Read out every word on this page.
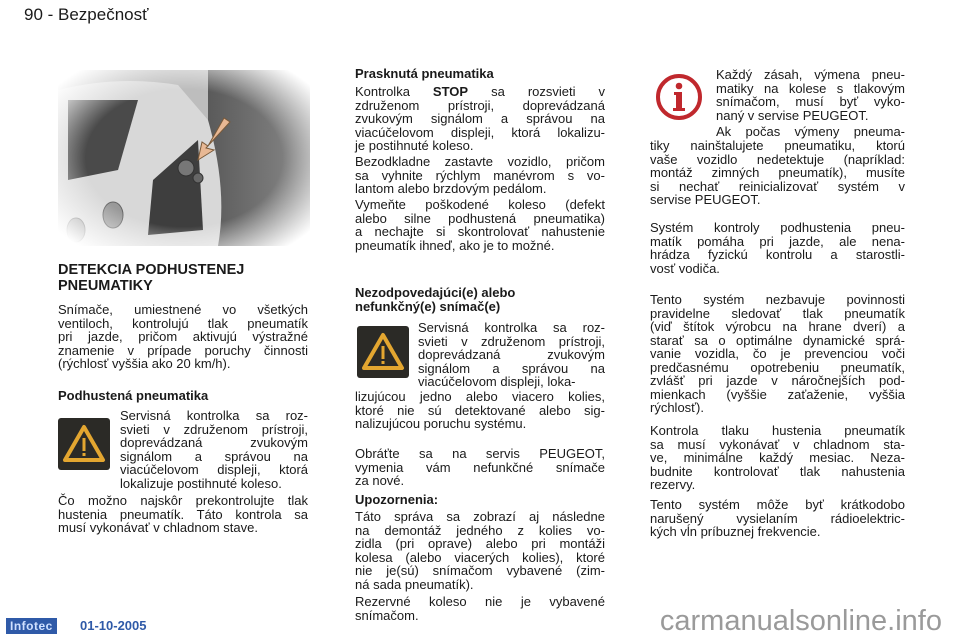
90 - Bezpečnosť
DETEKCIA PODHUSTENEJ
PNEUMATIKY
Snímače, umiestnené vo všetkých
ventiloch, kontrolujú tlak pneumatík
pri jazde, pričom aktivujú výstražné
znamenie v prípade poruchy činnosti
(rýchlosť vyššia ako 20 km/h).
Podhustená pneumatika
Servisná kontrolka sa roz-
svieti v združenom prístroji,
doprevádzaná zvukovým
signálom a správou na
viacúčelovom displeji, ktorá
lokalizuje postihnuté koleso.
Čo možno najskôr prekontrolujte tlak
hustenia pneumatík. Táto kontrola sa
musí vykonávať v chladnom stave.
Prasknutá pneumatika
Kontrolka STOP sa rozsvieti v
združenom prístroji, doprevádzaná
zvukovým signálom a správou na
viacúčelovom displeji, ktorá lokalizu-
je postihnuté koleso.
Bezodkladne zastavte vozidlo, pričom
sa vyhnite rýchlym manévrom s vo-
lantom alebo brzdovým pedálom.
Vymeňte poškodené koleso (defekt
alebo silne podhustená pneumatika)
a nechajte si skontrolovať nahustenie
pneumatík ihneď, ako je to možné.
Nezodpovedajúci(e) alebo
nefunkčný(e) snímač(e)
Servisná kontrolka sa roz-
svieti v združenom prístroji,
doprevádzaná zvukovým
signálom a správou na
viacúčelovom displeji, loka-
lizujúcou jedno alebo viacero kolies,
ktoré nie sú detektované alebo sig-
nalizujúcou poruchu systému.
Obráťte sa na servis PEUGEOT,
vymenia vám nefunkčné snímače
za nové.
Upozornenia:
Táto správa sa zobrazí aj následne
na demontáž jedného z kolies vo-
zidla (pri oprave) alebo pri montáži
kolesa (alebo viacerých kolies), ktoré
nie je(sú) snímačom vybavené (zim-
ná sada pneumatík).
Rezervné koleso nie je vybavené
snímačom.
Každý zásah, výmena pneu-
matiky na kolese s tlakovým
snímačom, musí byť vyko-
naný v servise PEUGEOT.
Ak počas výmeny pneuma-
tiky nainštalujete pneumatiku, ktorú
vaše vozidlo nedetektuje (napríklad:
montáž zimných pneumatík), musíte
si nechať reinicializovať systém v
servise PEUGEOT.
Systém kontroly podhustenia pneu-
matík pomáha pri jazde, ale nena-
hrádza fyzickú kontrolu a starostli-
vosť vodiča.
Tento systém nezbavuje povinnosti
pravidelne sledovať tlak pneumatík
(viď štítok výrobcu na hrane dverí) a
starať sa o optimálne dynamické sprá-
vanie vozidla, čo je prevenciou voči
predčasnému opotrebeniu pneumatík,
zvlášť pri jazde v náročnejších pod-
mienkach (vyššie zaťaženie, vyššia
rýchlosť).
Kontrola tlaku hustenia pneumatík
sa musí vykonávať v chladnom sta-
ve, minimálne každý mesiac. Neza-
budnite kontrolovať tlak nahustenia
rezervy.
Tento systém môže byť krátkodobo
narušený vysielaním rádioelektric-
kých vĺn príbuznej frekvencie.
Infotec	01-10-2005	carmanualsonline.info
